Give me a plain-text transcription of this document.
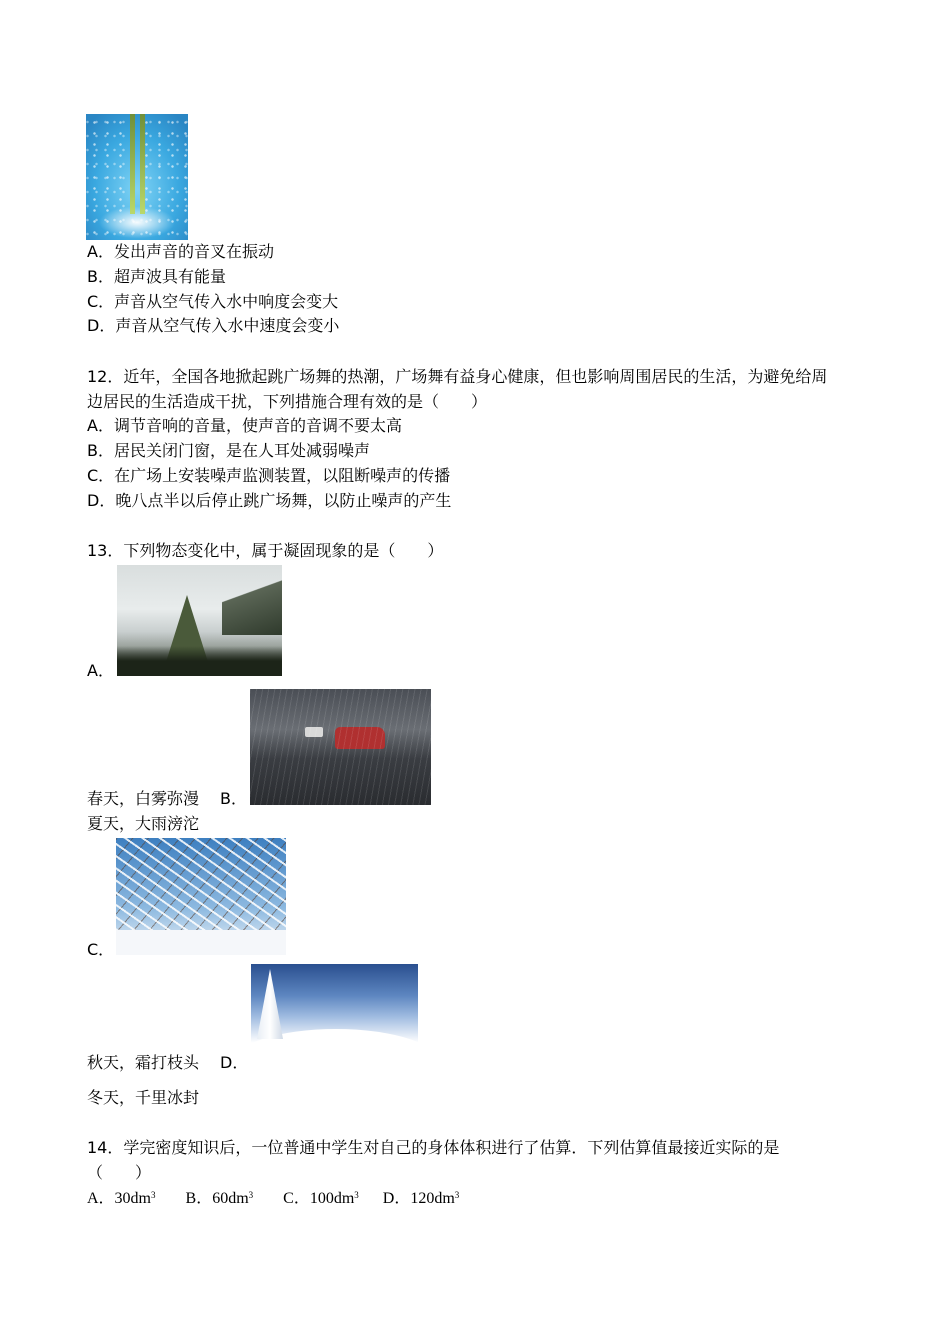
A．发出声音的音叉在振动
B．超声波具有能量
C．声音从空气传入水中响度会变大
D．声音从空气传入水中速度会变小
12．近年，全国各地掀起跳广场舞的热潮，广场舞有益身心健康，但也影响周围居民的生活，为避免给周
边居民的生活造成干扰，下列措施合理有效的是（　　）
A．调节音响的音量，使声音的音调不要太高
B．居民关闭门窗，是在人耳处减弱噪声
C．在广场上安装噪声监测装置，以阻断噪声的传播
D．晚八点半以后停止跳广场舞，以防止噪声的产生
13．下列物态变化中，属于凝固现象的是（　　）
A．
春天，白雾弥漫 B．
夏天，大雨滂沱
C．
秋天，霜打枝头 D．
冬天，千里冰封
14．学完密度知识后，一位普通中学生对自己的身体体积进行了估算．下列估算值最接近实际的是
（　　）
A．$30dm^3$ B．$60dm^3$ C．$100dm^3$ D．$120dm^3$
